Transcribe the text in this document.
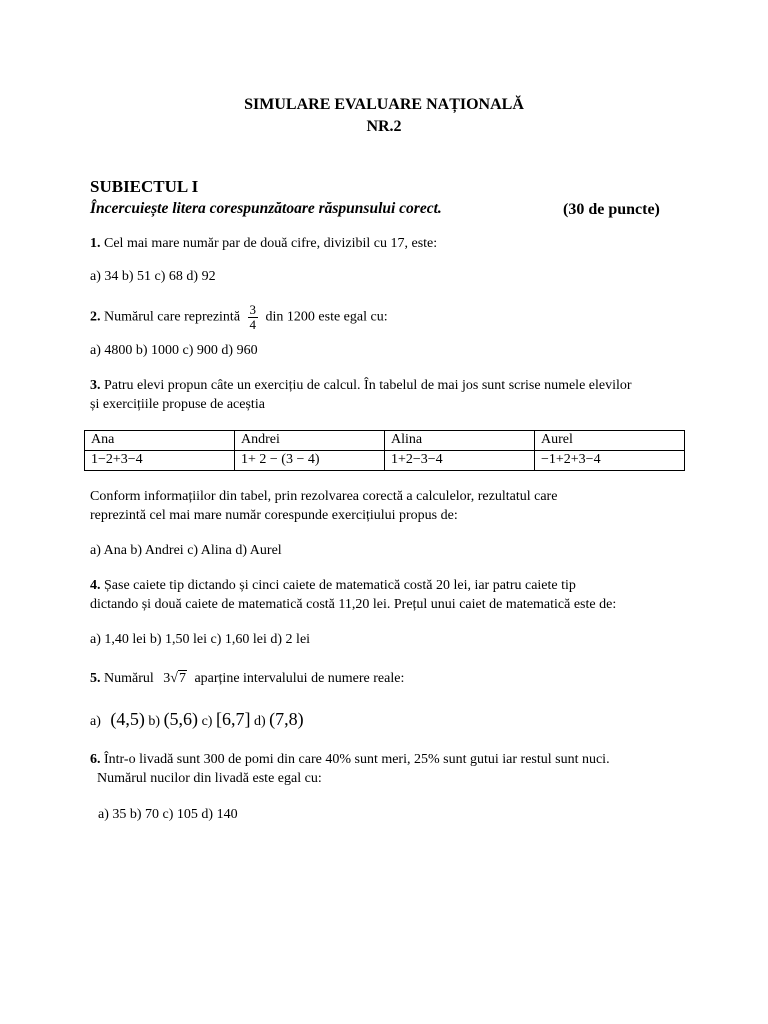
SIMULARE EVALUARE NAȚIONALĂ
NR.2
SUBIECTUL I
Încercuiește litera corespunzătoare răspunsului corect.	(30 de puncte)
1. Cel mai mare număr par de două cifre, divizibil cu 17, este:
a) 34 b) 51 c) 68 d) 92
2. Numărul care reprezintă $\frac{3}{4}$ din 1200 este egal cu:
a) 4800 b) 1000 c) 900 d) 960
3. Patru elevi propun câte un exercițiu de calcul. În tabelul de mai jos sunt scrise numele elevilor
și exercițiile propuse de aceștia
Ana	Andrei	Alina	Aurel
1−2+3−4	1+ 2 − (3 − 4)	1+2−3−4	−1+2+3−4
Conform informațiilor din tabel, prin rezolvarea corectă a calculelor, rezultatul care
reprezintă cel mai mare număr corespunde exercițiului propus de:
a) Ana b) Andrei c) Alina d) Aurel
4. Șase caiete tip dictando și cinci caiete de matematică costă 20 lei, iar patru caiete tip
dictando și două caiete de matematică costă 11,20 lei. Prețul unui caiet de matematică este de:
a) 1,40 lei b) 1,50 lei c) 1,60 lei d) 2 lei
5. Numărul 3√7 aparține intervalului de numere reale:
a) (4,5) b) (5,6) c) [6,7] d) (7,8)
6. Într-o livadă sunt 300 de pomi din care 40% sunt meri, 25% sunt gutui iar restul sunt nuci.
Numărul nucilor din livadă este egal cu:
a) 35 b) 70 c) 105 d) 140
